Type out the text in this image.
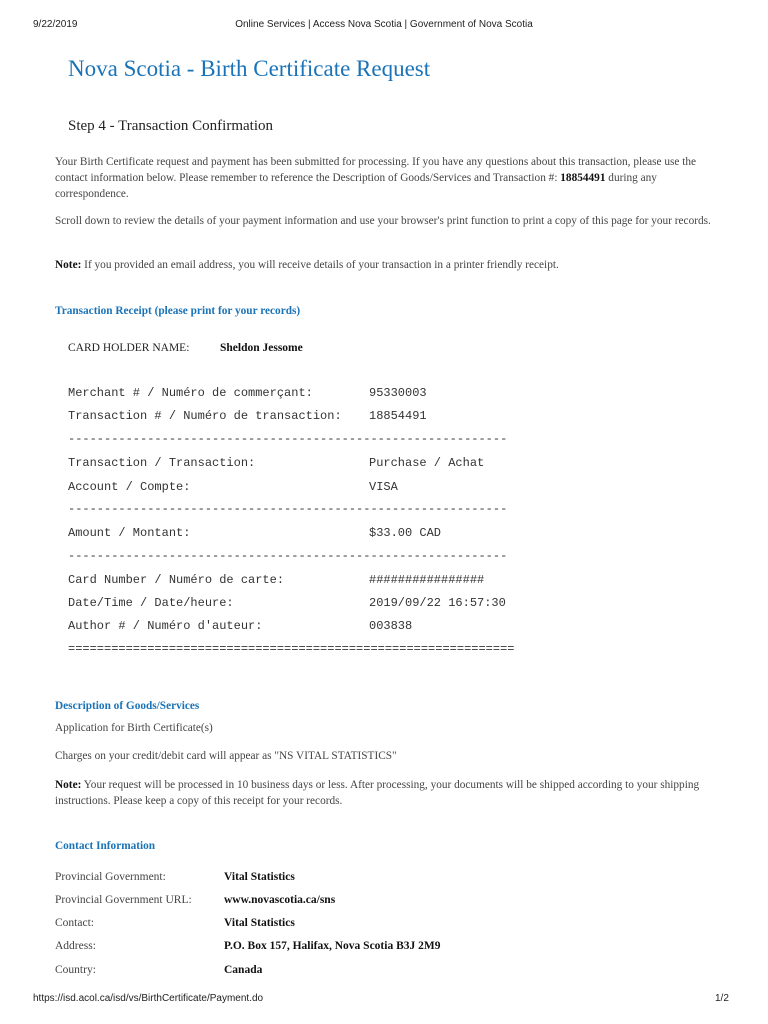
9/22/2019	Online Services | Access Nova Scotia | Government of Nova Scotia
Nova Scotia - Birth Certificate Request
Step 4 - Transaction Confirmation
Your Birth Certificate request and payment has been submitted for processing. If you have any questions about this transaction, please use the contact information below. Please remember to reference the Description of Goods/Services and Transaction #: 18854491 during any correspondence.
Scroll down to review the details of your payment information and use your browser's print function to print a copy of this page for your records.
Note: If you provided an email address, you will receive details of your transaction in a printer friendly receipt.
Transaction Receipt (please print for your records)
CARD HOLDER NAME:	Sheldon Jessome
Merchant # / Numéro de commerçant:	95330003
Transaction # / Numéro de transaction: 18854491
-------------------------------------------------------------
Transaction / Transaction:	Purchase / Achat
Account / Compte:	VISA
-------------------------------------------------------------
Amount / Montant:	$33.00 CAD
-------------------------------------------------------------
Card Number / Numéro de carte:	################
Date/Time / Date/heure:	2019/09/22 16:57:30
Author # / Numéro d'auteur:	003838
==============================================================
Description of Goods/Services
Application for Birth Certificate(s)
Charges on your credit/debit card will appear as "NS VITAL STATISTICS"
Note: Your request will be processed in 10 business days or less. After processing, your documents will be shipped according to your shipping instructions. Please keep a copy of this receipt for your records.
Contact Information
Provincial Government:	Vital Statistics
Provincial Government URL:	www.novascotia.ca/sns
Contact:	Vital Statistics
Address:	P.O. Box 157, Halifax, Nova Scotia B3J 2M9
Country:	Canada
https://isd.acol.ca/isd/vs/BirthCertificate/Payment.do	1/2
